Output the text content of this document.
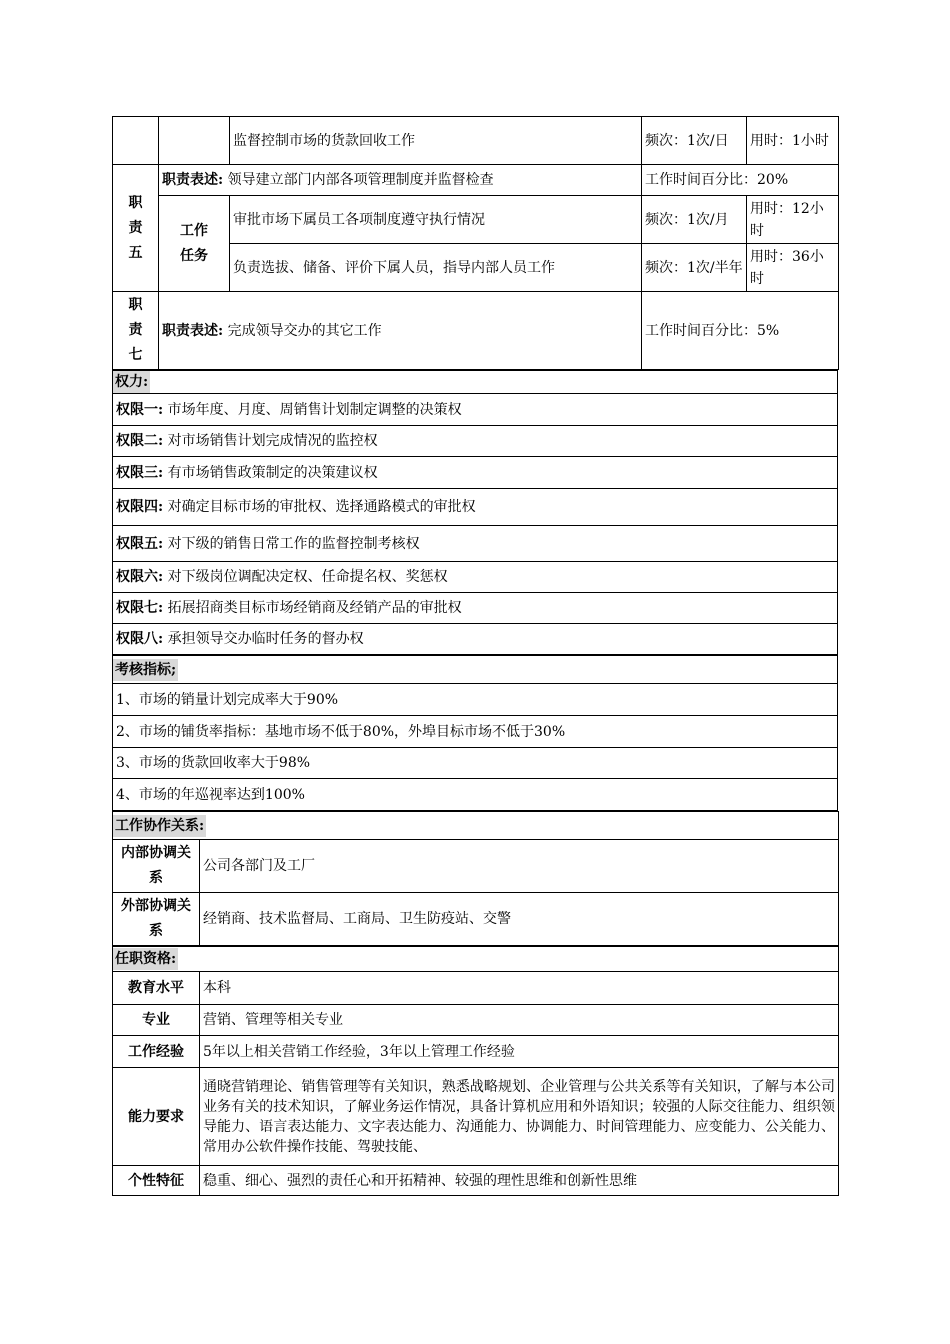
		监督控制市场的货款回收工作	频次：1次/日	用时：1小时
职责五	职责表述: 领导建立部门内部各项管理制度并监督检查		工作时间百分比：20%	
	工作任务	审批市场下属员工各项制度遵守执行情况	频次：1次/月	用时：12小时
		负责选拔、储备、评价下属人员，指导内部人员工作	频次：1次/半年	用时：36小时
职责七	职责表述: 完成领导交办的其它工作		工作时间百分比：5%	
权力:
权限一: 市场年度、月度、周销售计划制定调整的决策权
权限二: 对市场销售计划完成情况的监控权
权限三: 有市场销售政策制定的决策建议权
权限四: 对确定目标市场的审批权、选择通路模式的审批权
权限五: 对下级的销售日常工作的监督控制考核权
权限六: 对下级岗位调配决定权、任命提名权、奖惩权
权限七: 拓展招商类目标市场经销商及经销产品的审批权
权限八: 承担领导交办临时任务的督办权
考核指标;
1、市场的销量计划完成率大于90%
2、市场的铺货率指标：基地市场不低于80%，外埠目标市场不低于30%
3、市场的货款回收率大于98%
4、市场的年巡视率达到100%
工作协作关系:	
内部协调关系	公司各部门及工厂
外部协调关系	经销商、技术监督局、工商局、卫生防疫站、交警
任职资格:	
教育水平	本科
专业	营销、管理等相关专业
工作经验	5年以上相关营销工作经验，3年以上管理工作经验
能力要求	通晓营销理论、销售管理等有关知识，熟悉战略规划、企业管理与公共关系等有关知识，了解与本公司业务有关的技术知识，了解业务运作情况，具备计算机应用和外语知识；较强的人际交往能力、组织领导能力、语言表达能力、文字表达能力、沟通能力、协调能力、时间管理能力、应变能力、公关能力、常用办公软件操作技能、驾驶技能、
个性特征	稳重、细心、强烈的责任心和开拓精神、较强的理性思维和创新性思维
